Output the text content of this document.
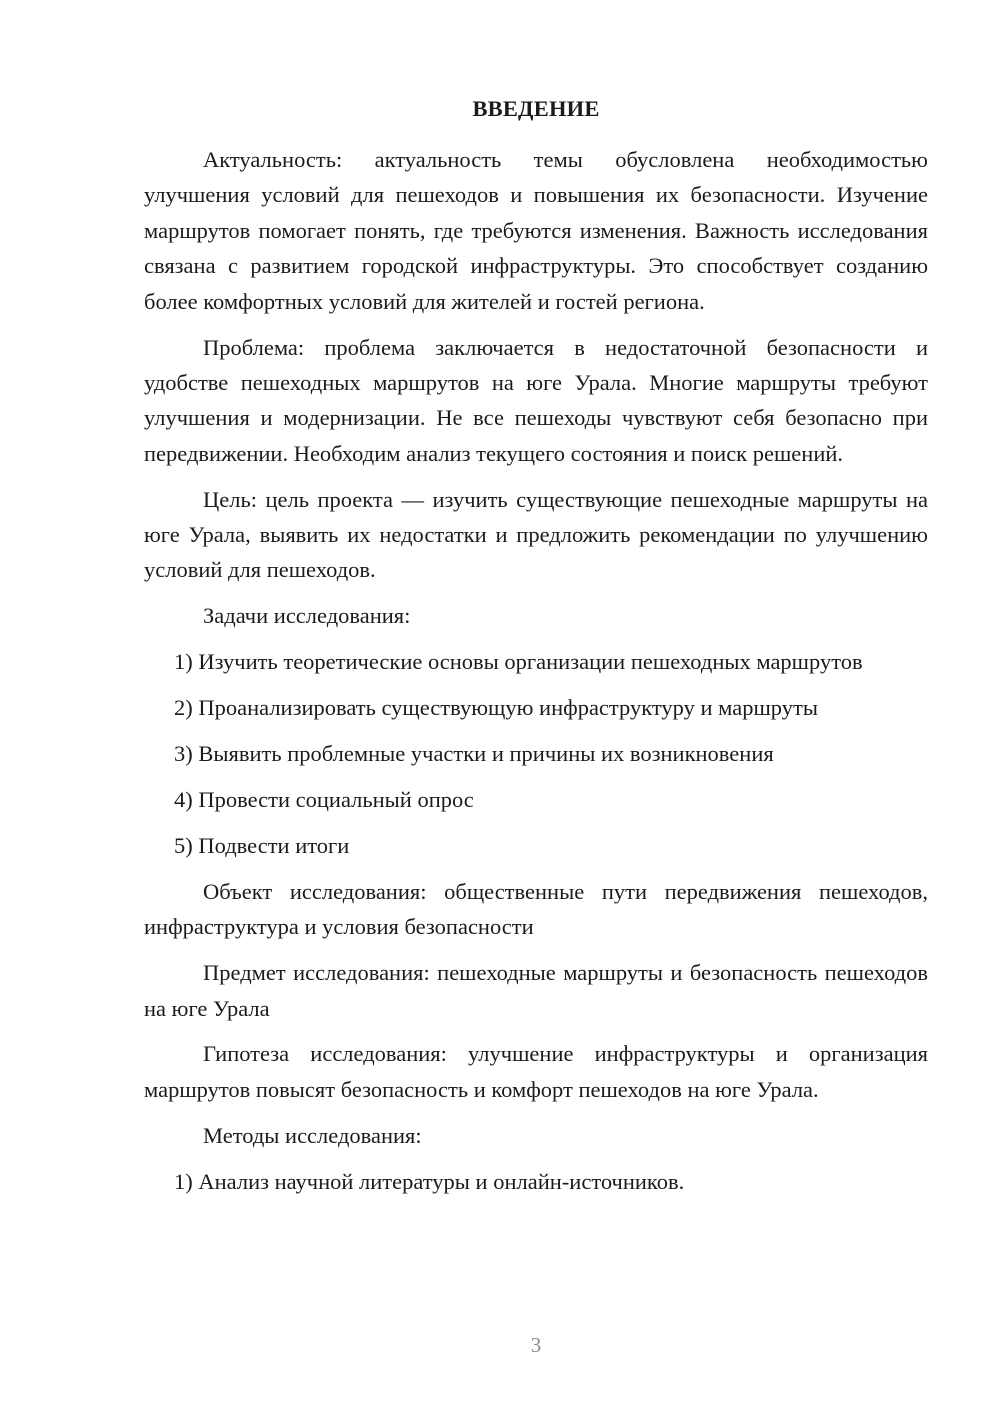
ВВЕДЕНИЕ

Актуальность: актуальность темы обусловлена необходимостью улучшения условий для пешеходов и повышения их безопасности. Изучение маршрутов помогает понять, где требуются изменения. Важность исследования связана с развитием городской инфраструктуры. Это способствует созданию более комфортных условий для жителей и гостей региона.

Проблема: проблема заключается в недостаточной безопасности и удобстве пешеходных маршрутов на юге Урала. Многие маршруты требуют улучшения и модернизации. Не все пешеходы чувствуют себя безопасно при передвижении. Необходим анализ текущего состояния и поиск решений.

Цель: цель проекта — изучить существующие пешеходные маршруты на юге Урала, выявить их недостатки и предложить рекомендации по улучшению условий для пешеходов.

Задачи исследования:

1) Изучить теоретические основы организации пешеходных маршрутов

2) Проанализировать существующую инфраструктуру и маршруты

3) Выявить проблемные участки и причины их возникновения

4) Провести социальный опрос

5) Подвести итоги

Объект исследования: общественные пути передвижения пешеходов, инфраструктура и условия безопасности

Предмет исследования: пешеходные маршруты и безопасность пешеходов на юге Урала

Гипотеза исследования: улучшение инфраструктуры и организация маршрутов повысят безопасность и комфорт пешеходов на юге Урала.

Методы исследования:

1) Анализ научной литературы и онлайн-источников.

3
